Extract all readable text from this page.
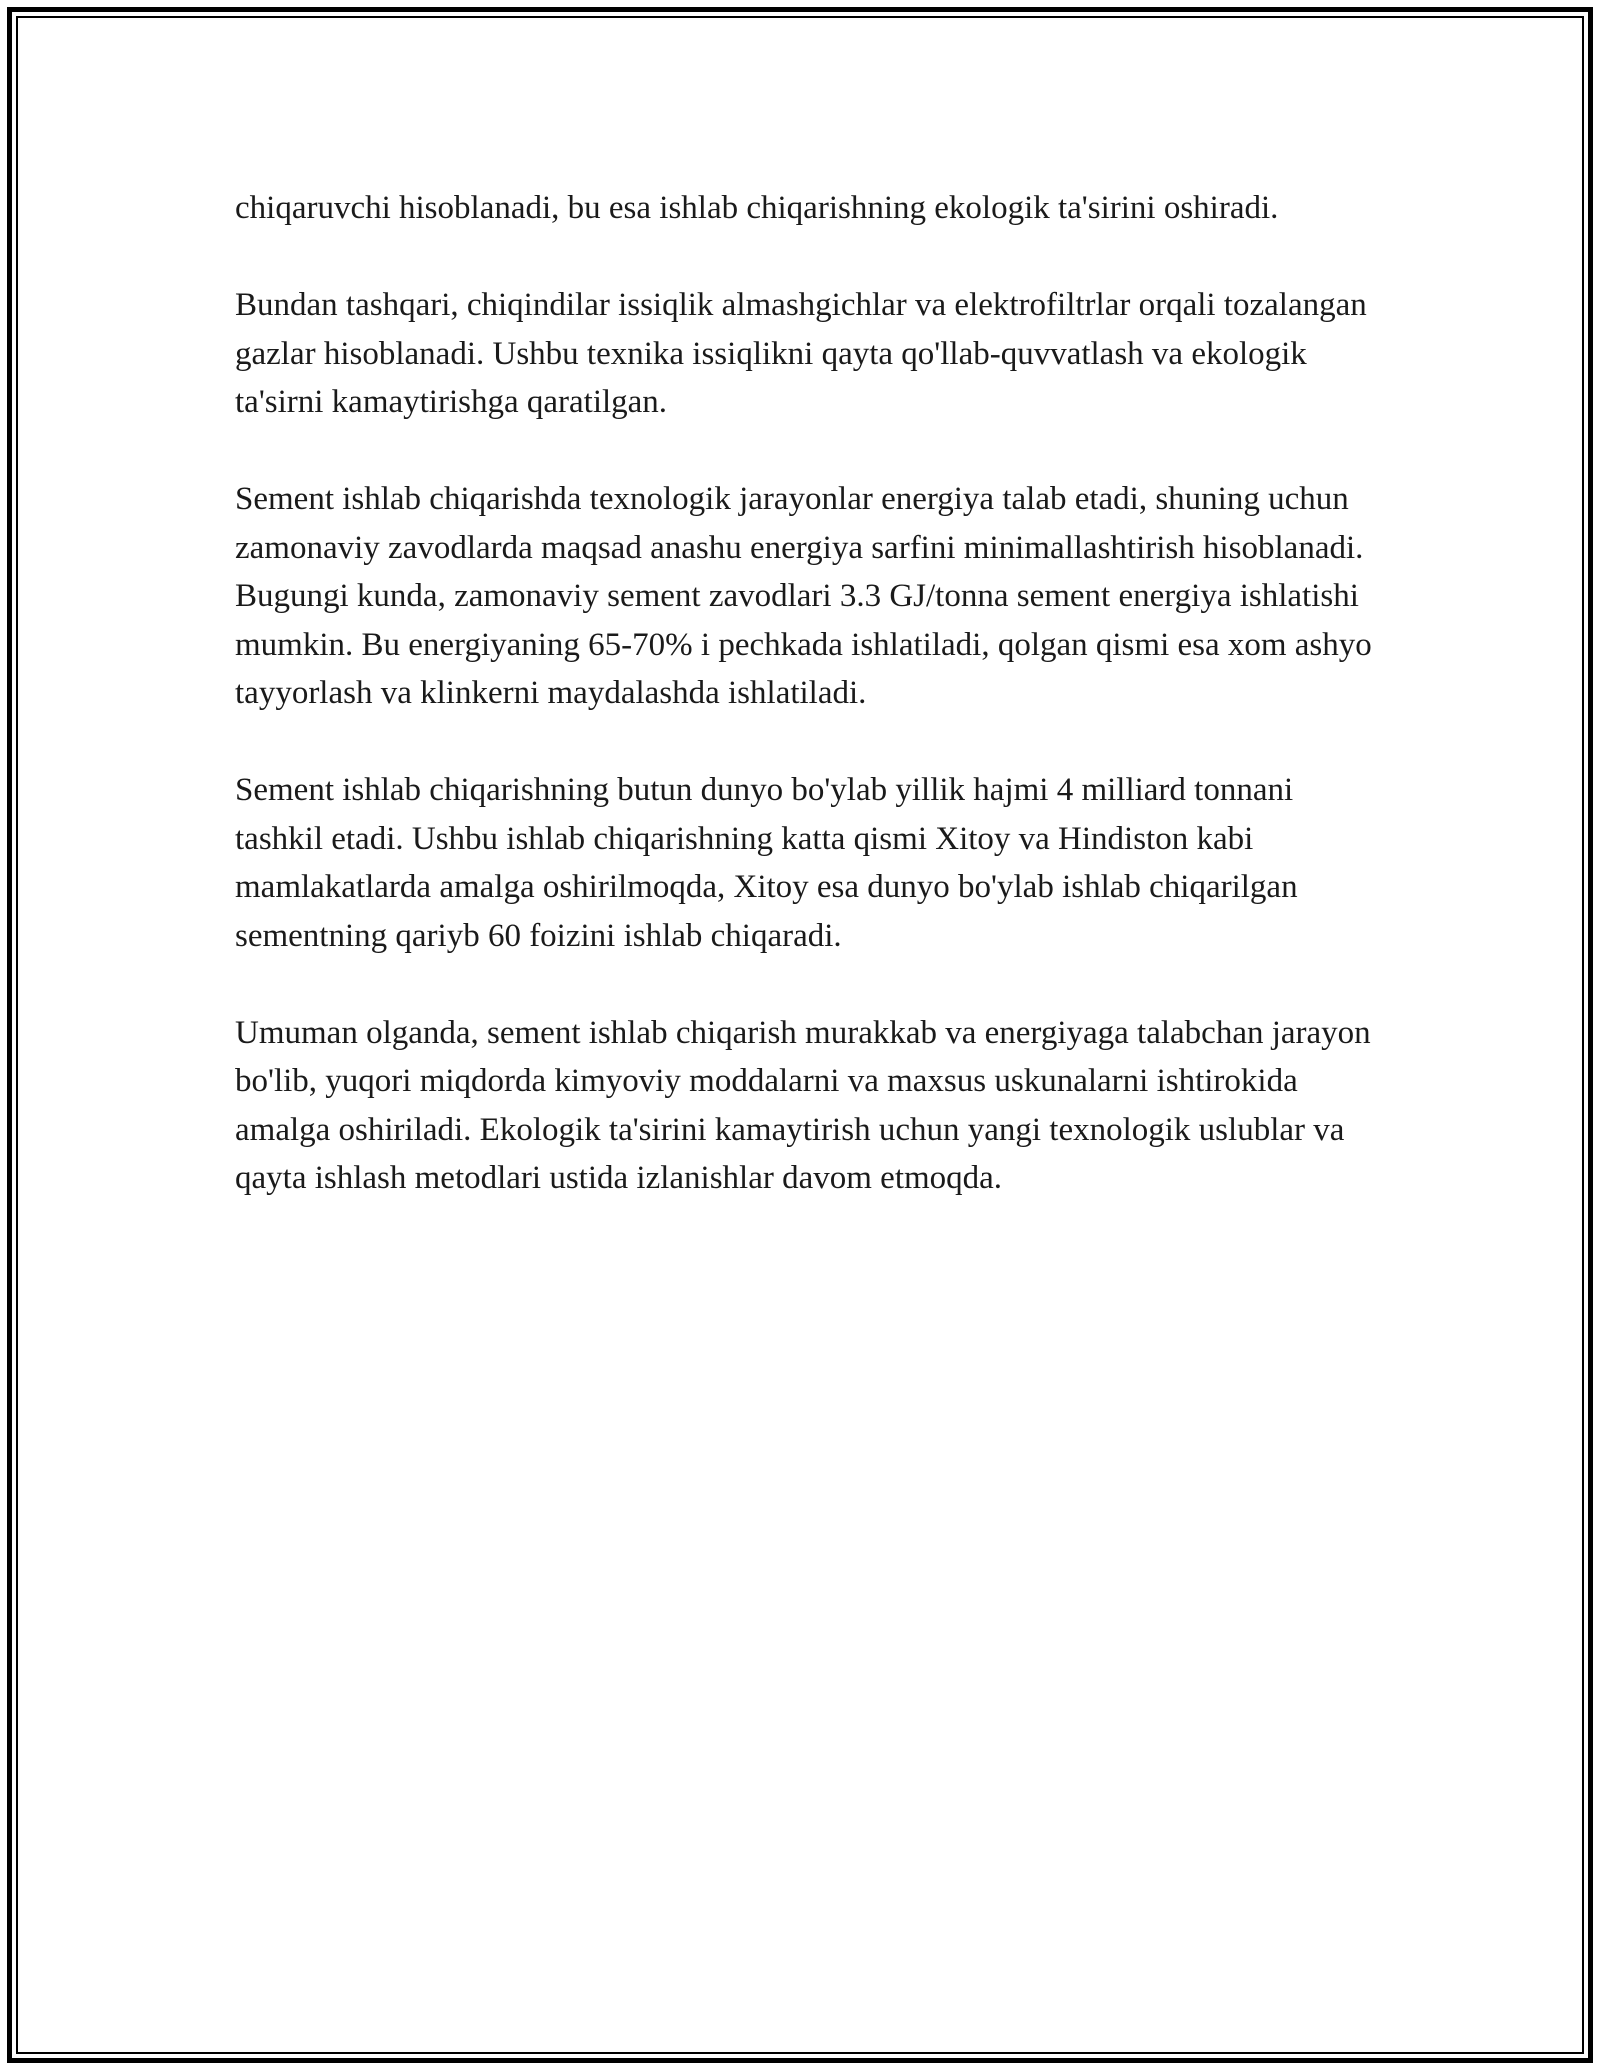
chiqaruvchi hisoblanadi, bu esa ishlab chiqarishning ekologik ta'sirini oshiradi.

Bundan tashqari, chiqindilar issiqlik almashgichlar va elektrofiltrlar orqali tozalangan gazlar hisoblanadi. Ushbu texnika issiqlikni qayta qo'llab-quvvatlash va ekologik ta'sirni kamaytirishga qaratilgan.

Sement ishlab chiqarishda texnologik jarayonlar energiya talab etadi, shuning uchun zamonaviy zavodlarda maqsad anashu energiya sarfini minimallashtirish hisoblanadi. Bugungi kunda, zamonaviy sement zavodlari 3.3 GJ/tonna sement energiya ishlatishi mumkin. Bu energiyaning 65-70% i pechkada ishlatiladi, qolgan qismi esa xom ashyo tayyorlash va klinkerni maydalashda ishlatiladi.

Sement ishlab chiqarishning butun dunyo bo'ylab yillik hajmi 4 milliard tonnani tashkil etadi. Ushbu ishlab chiqarishning katta qismi Xitoy va Hindiston kabi mamlakatlarda amalga oshirilmoqda, Xitoy esa dunyo bo'ylab ishlab chiqarilgan sementning qariyb 60 foizini ishlab chiqaradi.

Umuman olganda, sement ishlab chiqarish murakkab va energiyaga talabchan jarayon bo'lib, yuqori miqdorda kimyoviy moddalarni va maxsus uskunalarni ishtirokida amalga oshiriladi. Ekologik ta'sirini kamaytirish uchun yangi texnologik uslublar va qayta ishlash metodlari ustida izlanishlar davom etmoqda.
